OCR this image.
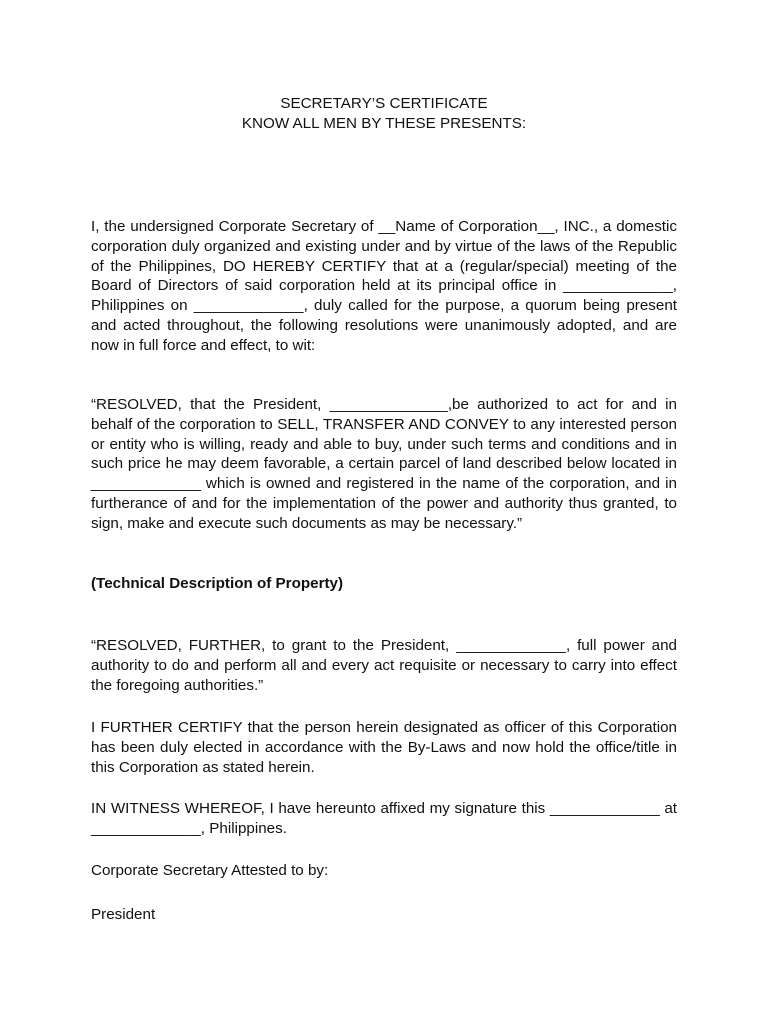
SECRETARY’S CERTIFICATE
KNOW ALL MEN BY THESE PRESENTS:
I, the undersigned Corporate Secretary of __Name of Corporation__, INC., a domestic corporation duly organized and existing under and by virtue of the laws of the Republic of the Philippines, DO HEREBY CERTIFY that at a (regular/special) meeting of the Board of Directors of said corporation held at its principal office in _____________, Philippines on _____________, duly called for the purpose, a quorum being present and acted throughout, the following resolutions were unanimously adopted, and are now in full force and effect, to wit:
“RESOLVED, that the President, ______________,be authorized to act for and in behalf of the corporation to SELL, TRANSFER AND CONVEY to any interested person or entity who is willing, ready and able to buy, under such terms and conditions and in such price he may deem favorable, a certain parcel of land described below located in _____________ which is owned and registered in the name of the corporation, and in furtherance of and for the implementation of the power and authority thus granted, to sign, make and execute such documents as may be necessary.”
(Technical Description of Property)
“RESOLVED, FURTHER, to grant to the President, _____________, full power and authority to do and perform all and every act requisite or necessary to carry into effect the foregoing authorities.”
I FURTHER CERTIFY that the person herein designated as officer of this Corporation has been duly elected in accordance with the By-Laws and now hold the office/title in this Corporation as stated herein.
IN WITNESS WHEREOF, I have hereunto affixed my signature this _____________ at _____________, Philippines.
Corporate Secretary Attested to by:
President
